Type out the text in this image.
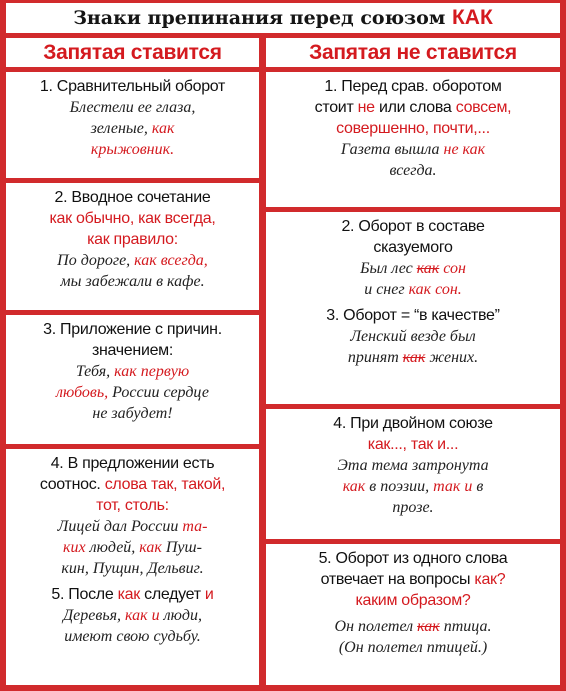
Знаки препинания перед союзом КАК
Запятая ставится	Запятая не ставится
1. Сравнительный оборот
Блестели ее глаза,
зеленые, как
крыжовник.
2. Вводное сочетание
как обычно, как всегда,
как правило:
По дороге, как всегда,
мы забежали в кафе.
3. Приложение с причин.
значением:
Тебя, как первую
любовь, России сердце
не забудет!
4. В предложении есть
соотнос. слова так, такой,
тот, столь:
Лицей дал России та-
ких людей, как Пуш-
кин, Пущин, Дельвиг.
5. После как следует и
Деревья, как и люди,
имеют свою судьбу.
1. Перед срав. оборотом
стоит не или слова совсем,
совершенно, почти,...
Газета вышла не как
всегда.
2. Оборот в составе
сказуемого
Был лес как сон
и снег как сон.
3. Оборот = “в качестве”
Ленский везде был
принят как жених.
4. При двойном союзе
как..., так и...
Эта тема затронута
как в поэзии, так и в
прозе.
5. Оборот из одного слова
отвечает на вопросы как?
каким образом?
Он полетел как птица.
(Он полетел птицей.)
